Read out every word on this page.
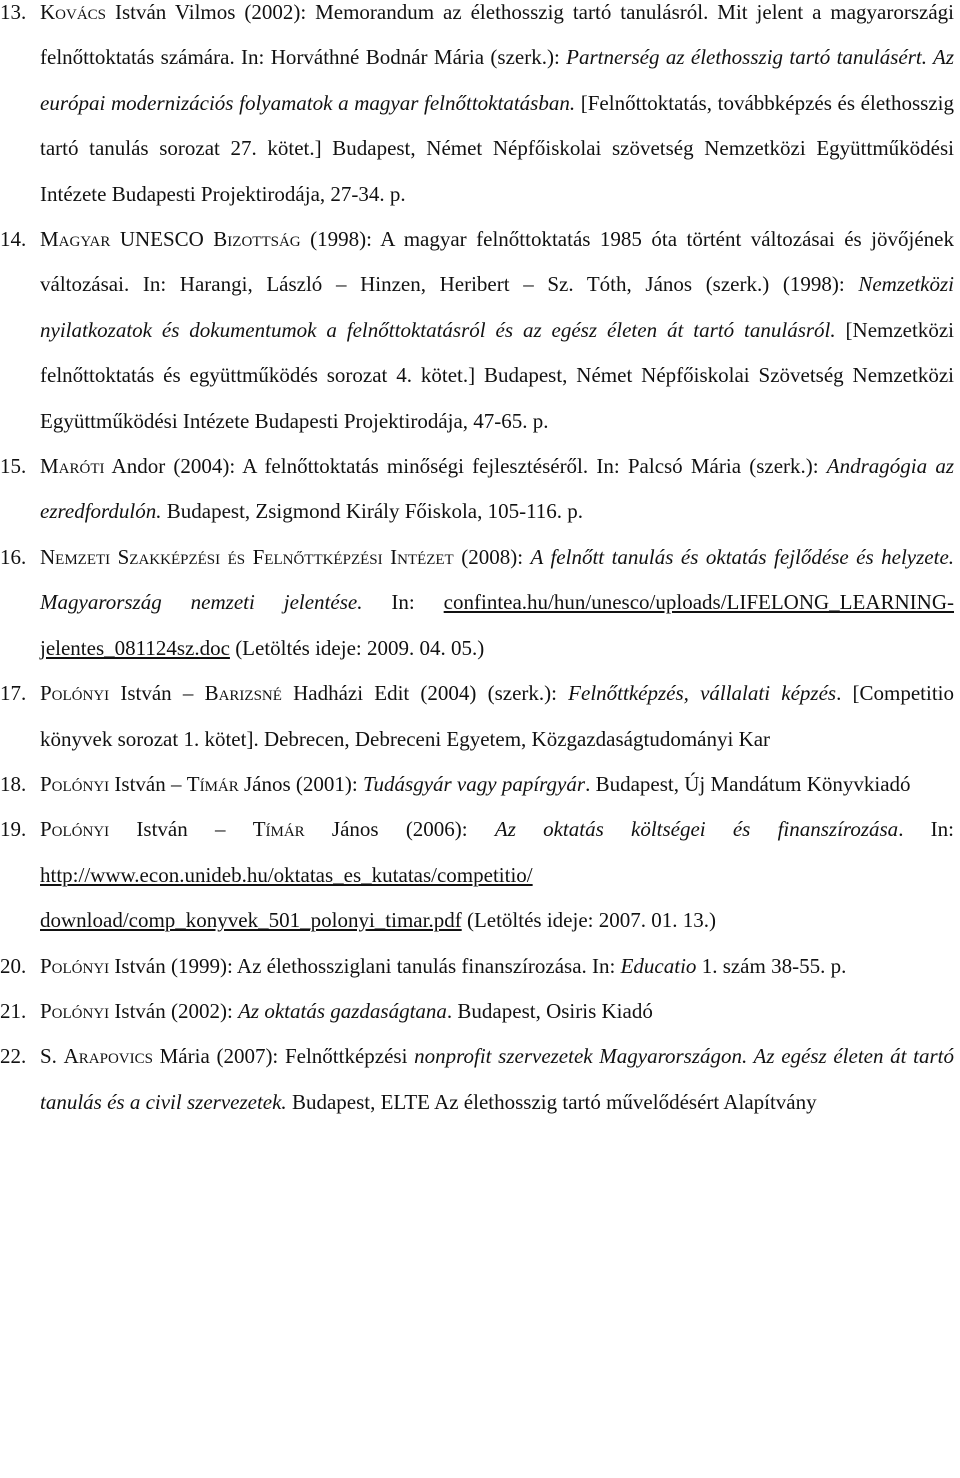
13. Kovács István Vilmos (2002): Memorandum az élethosszig tartó tanulásról. Mit jelent a magyarországi felnőttoktatás számára. In: Horváthné Bodnár Mária (szerk.): Partnerség az élethosszig tartó tanulásért. Az európai modernizációs folyamatok a magyar felnőttoktatásban. [Felnőttoktatás, továbbképzés és élethosszig tartó tanulás sorozat 27. kötet.] Budapest, Német Népfőiskolai szövetség Nemzetközi Együttműködési Intézete Budapesti Projektirodája, 27-34. p.
14. Magyar UNESCO Bizottság (1998): A magyar felnőttoktatás 1985 óta történt változásai és jövőjének változásai. In: Harangi, László – Hinzen, Heribert – Sz. Tóth, János (szerk.) (1998): Nemzetközi nyilatkozatok és dokumentumok a felnőttoktatásról és az egész életen át tartó tanulásról. [Nemzetközi felnőttoktatás és együttműködés sorozat 4. kötet.] Budapest, Német Népfőiskolai Szövetség Nemzetközi Együttműködési Intézete Budapesti Projektirodája, 47-65. p.
15. Maróti Andor (2004): A felnőttoktatás minőségi fejlesztéséről. In: Palcsó Mária (szerk.): Andragógia az ezredfordulón. Budapest, Zsigmond Király Főiskola, 105-116. p.
16. Nemzeti Szakképzési és Felnőttképzési Intézet (2008): A felnőtt tanulás és oktatás fejlődése és helyzete. Magyarország nemzeti jelentése. In: confintea.hu/hun/unesco/uploads/LIFELONG_LEARNING-jelentes_081124sz.doc (Letöltés ideje: 2009. 04. 05.)
17. Polónyi István – Barizsné Hadházi Edit (2004) (szerk.): Felnőttképzés, vállalati képzés. [Competitio könyvek sorozat 1. kötet]. Debrecen, Debreceni Egyetem, Közgazdaságtudományi Kar
18. Polónyi István – Tímár János (2001): Tudásgyár vagy papírgyár. Budapest, Új Mandátum Könyvkiadó
19. Polónyi István – Tímár János (2006): Az oktatás költségei és finanszírozása. In: http://www.econ.unideb.hu/oktatas_es_kutatas/competitio/ download/comp_konyvek_501_polonyi_timar.pdf (Letöltés ideje: 2007. 01. 13.)
20. Polónyi István (1999): Az élethossziglani tanulás finanszírozása. In: Educatio 1. szám 38-55. p.
21. Polónyi István (2002): Az oktatás gazdaságtana. Budapest, Osiris Kiadó
22. S. Arapovics Mária (2007): Felnőttképzési nonprofit szervezetek Magyarországon. Az egész életen át tartó tanulás és a civil szervezetek. Budapest, ELTE Az élethosszig tartó művelődésért Alapítvány
